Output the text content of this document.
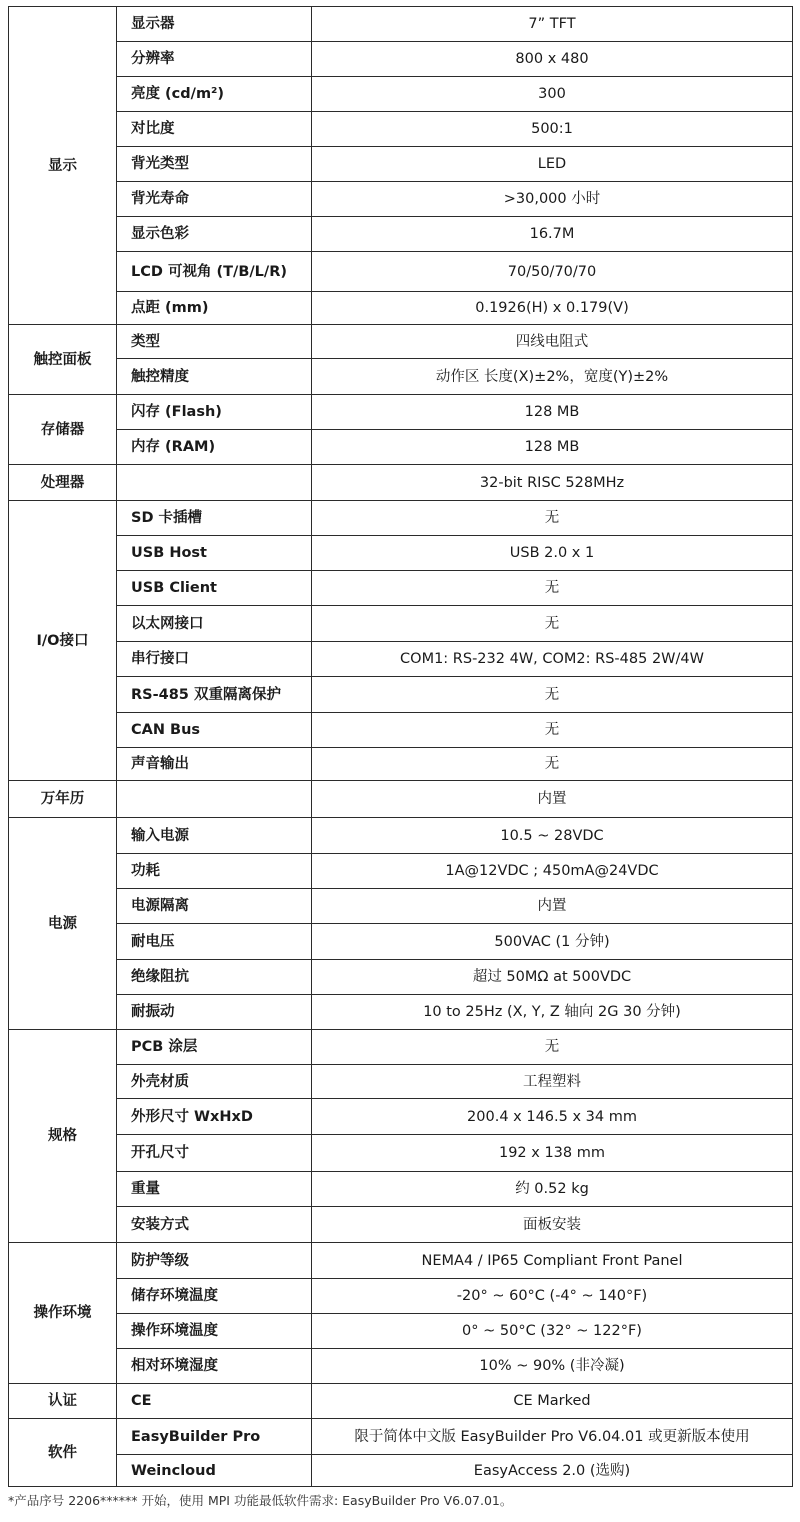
显示	显示器	7” TFT
	分辨率	800 x 480
	亮度 (cd/m²)	300
	对比度	500:1
	背光类型	LED
	背光寿命	>30,000 小时
	显示色彩	16.7M
	LCD 可视角 (T/B/L/R)	70/50/70/70
	点距 (mm)	0.1926(H) x 0.179(V)
触控面板	类型	四线电阻式
	触控精度	动作区 长度(X)±2%，宽度(Y)±2%
存储器	闪存 (Flash)	128 MB
	内存 (RAM)	128 MB
处理器		32-bit RISC 528MHz
I/O接口	SD 卡插槽	无
	USB Host	USB 2.0 x 1
	USB Client	无
	以太网接口	无
	串行接口	COM1: RS-232 4W, COM2: RS-485 2W/4W
	RS-485 双重隔离保护	无
	CAN Bus	无
	声音输出	无
万年历		内置
电源	输入电源	10.5 ~ 28VDC
	功耗	1A@12VDC ; 450mA@24VDC
	电源隔离	内置
	耐电压	500VAC (1 分钟)
	绝缘阻抗	超过 50MΩ at 500VDC
	耐振动	10 to 25Hz (X, Y, Z 轴向 2G 30 分钟)
规格	PCB 涂层	无
	外壳材质	工程塑料
	外形尺寸 WxHxD	200.4 x 146.5 x 34 mm
	开孔尺寸	192 x 138 mm
	重量	约 0.52 kg
	安装方式	面板安装
操作环境	防护等级	NEMA4 / IP65 Compliant Front Panel
	储存环境温度	-20° ~ 60°C (-4° ~ 140°F)
	操作环境温度	0° ~ 50°C (32° ~ 122°F)
	相对环境湿度	10% ~ 90% (非冷凝)
认证	CE	CE Marked
软件	EasyBuilder Pro	限于简体中文版 EasyBuilder Pro V6.04.01 或更新版本使用
	Weincloud	EasyAccess 2.0 (选购)
*产品序号 2206****** 开始，使用 MPI 功能最低软件需求: EasyBuilder Pro V6.07.01。
